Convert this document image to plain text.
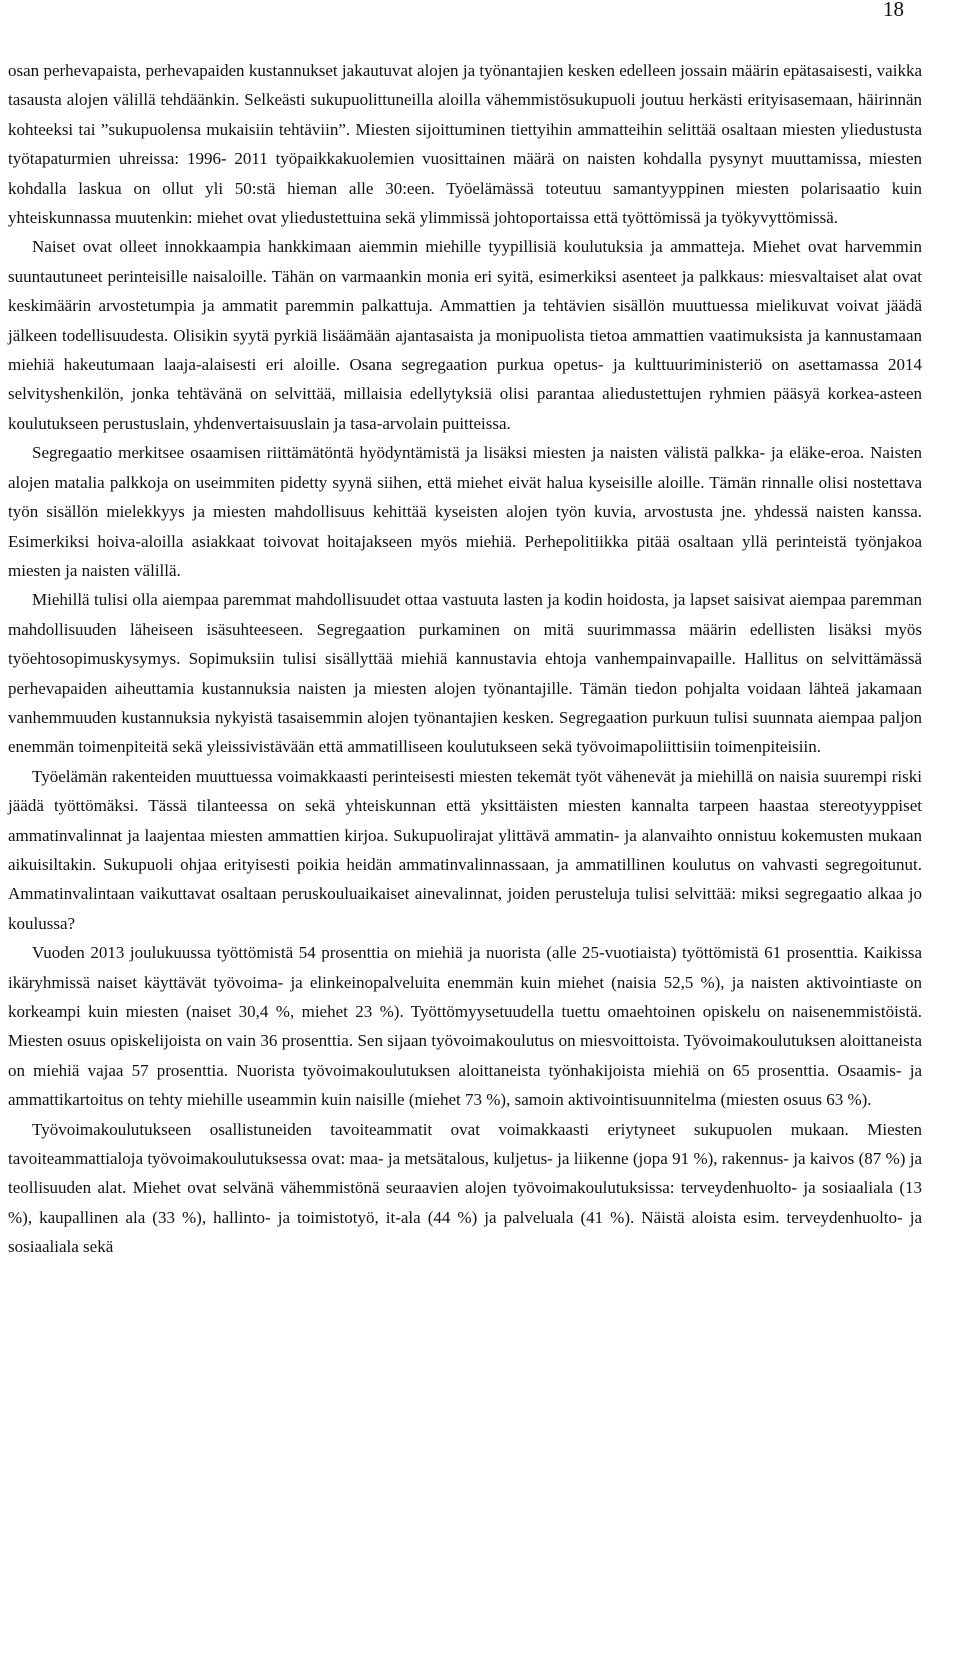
18

osan perhevapaista, perhevapaiden kustannukset jakautuvat alojen ja työnantajien kesken edelleen jossain määrin epätasaisesti, vaikka tasausta alojen välillä tehdäänkin. Selkeästi sukupuolittuneilla aloilla vähemmistösukupuoli joutuu herkästi erityisasemaan, häirinnän kohteeksi tai ”sukupuolensa mukaisiin tehtäviin”. Miesten sijoittuminen tiettyihin ammatteihin selittää osaltaan miesten yliedustusta työtapaturmien uhreissa: 1996- 2011 työpaikkakuolemien vuosittainen määrä on naisten kohdalla pysynyt muuttamissa, miesten kohdalla laskua on ollut yli 50:stä hieman alle 30:een. Työelämässä toteutuu samantyyppinen miesten polarisaatio kuin yhteiskunnassa muutenkin: miehet ovat yliedustettuina sekä ylimmissä johtoportaissa että työttömissä ja työkyvyttömissä.

Naiset ovat olleet innokkaampia hankkimaan aiemmin miehille tyypillisiä koulutuksia ja ammatteja. Miehet ovat harvemmin suuntautuneet perinteisille naisaloille. Tähän on varmaankin monia eri syitä, esimerkiksi asenteet ja palkkaus: miesvaltaiset alat ovat keskimäärin arvostetumpia ja ammatit paremmin palkattuja. Ammattien ja tehtävien sisällön muuttuessa mielikuvat voivat jäädä jälkeen todellisuudesta. Olisikin syytä pyrkiä lisäämään ajantasaista ja monipuolista tietoa ammattien vaatimuksista ja kannustamaan miehiä hakeutumaan laaja-alaisesti eri aloille. Osana segregaation purkua opetus- ja kulttuuriministeriö on asettamassa 2014 selvityshenkilön, jonka tehtävänä on selvittää, millaisia edellytyksiä olisi parantaa aliedustettujen ryhmien pääsyä korkea-asteen koulutukseen perustuslain, yhdenvertaisuuslain ja tasa-arvolain puitteissa.

Segregaatio merkitsee osaamisen riittämätöntä hyödyntämistä ja lisäksi miesten ja naisten välistä palkka- ja eläke-eroa. Naisten alojen matalia palkkoja on useimmiten pidetty syynä siihen, että miehet eivät halua kyseisille aloille. Tämän rinnalle olisi nostettava työn sisällön mielekkyys ja miesten mahdollisuus kehittää kyseisten alojen työn kuvia, arvostusta jne. yhdessä naisten kanssa. Esimerkiksi hoiva-aloilla asiakkaat toivovat hoitajakseen myös miehiä. Perhepolitiikka pitää osaltaan yllä perinteistä työnjakoa miesten ja naisten välillä.

Miehillä tulisi olla aiempaa paremmat mahdollisuudet ottaa vastuuta lasten ja kodin hoidosta, ja lapset saisivat aiempaa paremman mahdollisuuden läheiseen isäsuhteeseen. Segregaation purkaminen on mitä suurimmassa määrin edellisten lisäksi myös työehtosopimuskysymys. Sopimuksiin tulisi sisällyttää miehiä kannustavia ehtoja vanhempainvapaille. Hallitus on selvittämässä perhevapaiden aiheuttamia kustannuksia naisten ja miesten alojen työnantajille. Tämän tiedon pohjalta voidaan lähteä jakamaan vanhemmuuden kustannuksia nykyistä tasaisemmin alojen työnantajien kesken. Segregaation purkuun tulisi suunnata aiempaa paljon enemmän toimenpiteitä sekä yleissivistävään että ammatilliseen koulutukseen sekä työvoimapoliittisiin toimenpiteisiin.

Työelämän rakenteiden muuttuessa voimakkaasti perinteisesti miesten tekemät työt vähenevät ja miehillä on naisia suurempi riski jäädä työttömäksi. Tässä tilanteessa on sekä yhteiskunnan että yksittäisten miesten kannalta tarpeen haastaa stereotyyppiset ammatinvalinnat ja laajentaa miesten ammattien kirjoa. Sukupuolirajat ylittävä ammatin- ja alanvaihto onnistuu kokemusten mukaan aikuisiltakin. Sukupuoli ohjaa erityisesti poikia heidän ammatinvalinnassaan, ja ammatillinen koulutus on vahvasti segregoitunut. Ammatinvalintaan vaikuttavat osaltaan peruskouluaikaiset ainevalinnat, joiden perusteluja tulisi selvittää: miksi segregaatio alkaa jo koulussa?

Vuoden 2013 joulukuussa työttömistä 54 prosenttia on miehiä ja nuorista (alle 25-vuotiaista) työttömistä 61 prosenttia. Kaikissa ikäryhmissä naiset käyttävät työvoima- ja elinkeinopalveluita enemmän kuin miehet (naisia 52,5 %), ja naisten aktivointiaste on korkeampi kuin miesten (naiset 30,4 %, miehet 23 %). Työttömyysetuudella tuettu omaehtoinen opiskelu on naisenemmistöistä. Miesten osuus opiskelijoista on vain 36 prosenttia. Sen sijaan työvoimakoulutus on miesvoittoista. Työvoimakoulutuksen aloittaneista on miehiä vajaa 57 prosenttia. Nuorista työvoimakoulutuksen aloittaneista työnhakijoista miehiä on 65 prosenttia. Osaamis- ja ammattikartoitus on tehty miehille useammin kuin naisille (miehet 73 %), samoin aktivointisuunnitelma (miesten osuus 63 %).

Työvoimakoulutukseen osallistuneiden tavoiteammatit ovat voimakkaasti eriytyneet sukupuolen mukaan. Miesten tavoiteammattialoja työvoimakoulutuksessa ovat: maa- ja metsätalous, kuljetus- ja liikenne (jopa 91 %), rakennus- ja kaivos (87 %) ja teollisuuden alat. Miehet ovat selvänä vähemmistönä seuraavien alojen työvoimakoulutuksissa: terveydenhuolto- ja sosiaaliala (13 %), kaupallinen ala (33 %), hallinto- ja toimistotyö, it-ala (44 %) ja palveluala (41 %). Näistä aloista esim. terveydenhuolto- ja sosiaaliala sekä
